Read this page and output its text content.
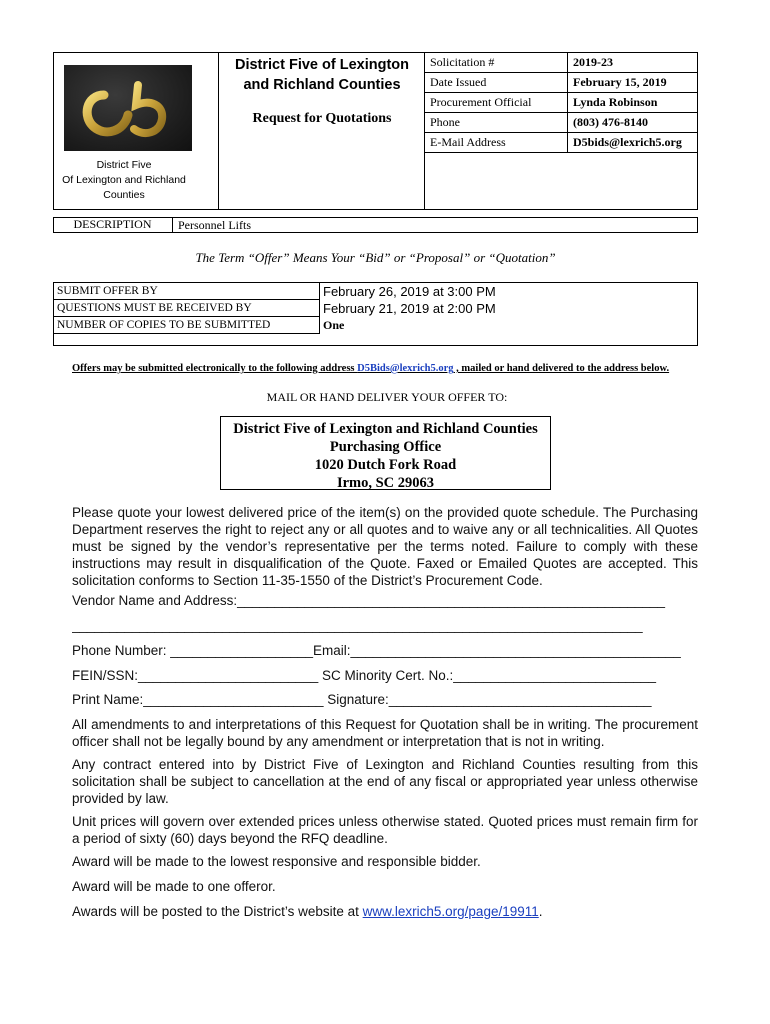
District Five
Of Lexington and Richland
Counties
District Five of Lexington
and Richland Counties
Request for Quotations
Solicitation #	2019-23
Date Issued	February 15, 2019
Procurement Official	Lynda Robinson
Phone	(803) 476-8140
E-Mail Address	D5bids@lexrich5.org
DESCRIPTION	Personnel Lifts
The Term “Offer” Means Your “Bid” or “Proposal” or “Quotation”
SUBMIT OFFER BY	February 26, 2019 at 3:00 PM
QUESTIONS MUST BE RECEIVED BY	February 21, 2019 at 2:00 PM
NUMBER OF COPIES TO BE SUBMITTED	One
Offers may be submitted electronically to the following address D5Bids@lexrich5.org , mailed or hand delivered to the address below.
MAIL OR HAND DELIVER YOUR OFFER TO:
District Five of Lexington and Richland Counties
Purchasing Office
1020 Dutch Fork Road
Irmo, SC 29063
Please quote your lowest delivered price of the item(s) on the provided quote schedule. The Purchasing Department reserves the right to reject any or all quotes and to waive any or all technicalities. All Quotes must be signed by the vendor’s representative per the terms noted. Failure to comply with these instructions may result in disqualification of the Quote. Faxed or Emailed Quotes are accepted. This solicitation conforms to Section 11-35-1550 of the District’s Procurement Code.
Vendor Name and Address:_________________________________________________________
____________________________________________________________________________
Phone Number: ___________________Email:____________________________________________
FEIN/SSN:________________________ SC Minority Cert. No.:___________________________
Print Name:________________________ Signature:___________________________________
All amendments to and interpretations of this Request for Quotation shall be in writing. The procurement officer shall not be legally bound by any amendment or interpretation that is not in writing.
Any contract entered into by District Five of Lexington and Richland Counties resulting from this solicitation shall be subject to cancellation at the end of any fiscal or appropriated year unless otherwise provided by law.
Unit prices will govern over extended prices unless otherwise stated. Quoted prices must remain firm for a period of sixty (60) days beyond the RFQ deadline.
Award will be made to the lowest responsive and responsible bidder.
Award will be made to one offeror.
Awards will be posted to the District’s website at www.lexrich5.org/page/19911.
